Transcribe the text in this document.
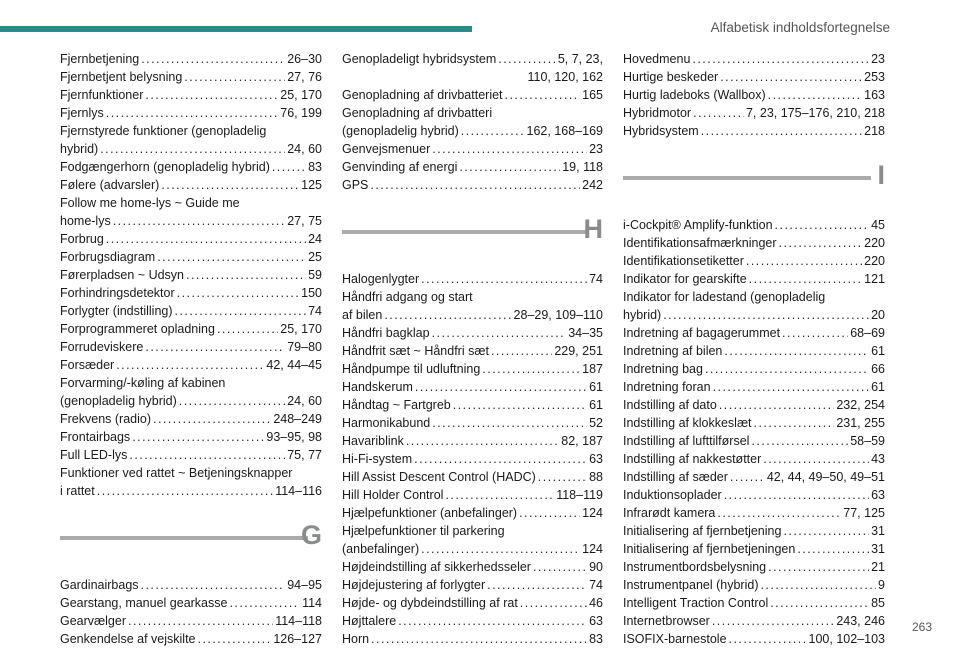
Alfabetisk indholdsfortegnelse
Fjernbetjening . . .	26–30
Fjernbetjent belysning . . .	27, 76
Fjernfunktioner . . .	25, 170
Fjernlys . . .	76, 199
Fjernstyrede funktioner (genopladelig
hybrid) . . .	24, 60
Fodgængerhorn (genopladelig hybrid) . . .	83
Følere (advarsler) . . .	125
Follow me home-lys ~ Guide me
home-lys . . .	27, 75
Forbrug . . .	24
Forbrugsdiagram . . .	25
Førerpladsen ~ Udsyn . . .	59
Forhindringsdetektor . . .	150
Forlygter (indstilling) . . .	74
Forprogrammeret opladning . . .	25, 170
Forrudeviskere . . .	79–80
Forsæder . . .	42, 44–45
Forvarming/-køling af kabinen
(genopladelig hybrid) . . .	24, 60
Frekvens (radio) . . .	248–249
Frontairbags . . .	93–95, 98
Full LED-lys . . .	75, 77
Funktioner ved rattet ~ Betjeningsknapper
i rattet . . .	114–116
G
Gardinairbags . . .	94–95
Gearstang, manuel gearkasse . . .	114
Gearvælger . . .	114–118
Genkendelse af vejskilte . . .	126–127
Genopladeligt hybridsystem . . .	5, 7, 23,
110, 120, 162
Genopladning af drivbatteriet . . .	165
Genopladning af drivbatteri
(genopladelig hybrid) . . .	162, 168–169
Genvejsmenuer . . .	23
Genvinding af energi . . .	19, 118
GPS . . .	242
H
Halogenlygter . . .	74
Håndfri adgang og start
af bilen . . .	28–29, 109–110
Håndfri bagklap . . .	34–35
Håndfrit sæt ~ Håndfri sæt . . .	229, 251
Håndpumpe til udluftning . . .	187
Handskerum . . .	61
Håndtag ~ Fartgreb . . .	61
Harmonikabund . . .	52
Havariblink . . .	82, 187
Hi-Fi-system . . .	63
Hill Assist Descent Control (HADC) . . .	88
Hill Holder Control . . .	118–119
Hjælpefunktioner (anbefalinger) . . .	124
Hjælpefunktioner til parkering
(anbefalinger) . . .	124
Højdeindstilling af sikkerhedsseler . . .	90
Højdejustering af forlygter . . .	74
Højde- og dybdeindstilling af rat . . .	46
Højttalere . . .	63
Horn . . .	83
Hovedmenu . . .	23
Hurtige beskeder . . .	253
Hurtig ladeboks (Wallbox) . . .	163
Hybridmotor . . .	7, 23, 175–176, 210, 218
Hybridsystem . . .	218
I
i-Cockpit® Amplify-funktion . . .	45
Identifikationsafmærkninger . . .	220
Identifikationsetiketter . . .	220
Indikator for gearskifte . . .	121
Indikator for ladestand (genopladelig
hybrid) . . .	20
Indretning af bagagerummet . . .	68–69
Indretning af bilen . . .	61
Indretning bag . . .	66
Indretning foran . . .	61
Indstilling af dato . . .	232, 254
Indstilling af klokkeslæt . . .	231, 255
Indstilling af lufttilførsel . . .	58–59
Indstilling af nakkestøtter . . .	43
Indstilling af sæder . . .	42, 44, 49–50, 49–51
Induktionsoplader . . .	63
Infrarødt kamera . . .	77, 125
Initialisering af fjernbetjening . . .	31
Initialisering af fjernbetjeningen . . .	31
Instrumentbordsbelysning . . .	21
Instrumentpanel (hybrid) . . .	9
Intelligent Traction Control . . .	85
Internetbrowser . . .	243, 246
ISOFIX-barnestole . . .	100, 102–103
263
